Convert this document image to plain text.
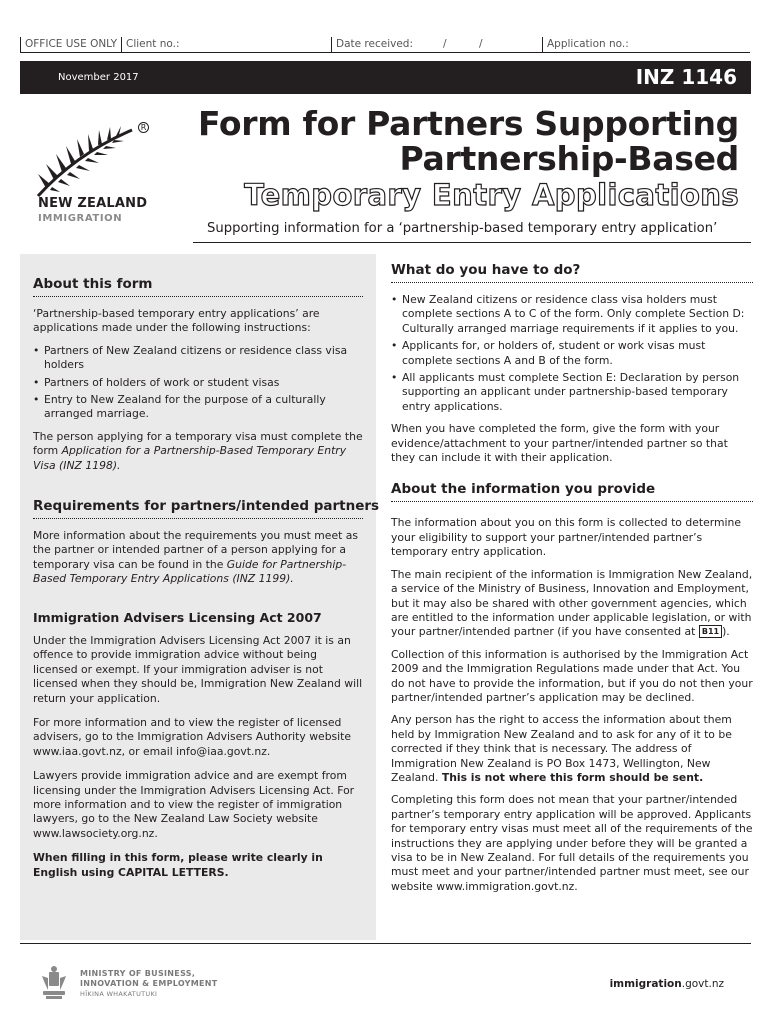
OFFICE USE ONLY Client no.:	Date received:	/	/	Application no.:
November 2017	INZ 1146
R
NEW ZEALAND
IMMIGRATION
Form for Partners Supporting
Partnership-Based
Temporary Entry Applications
Supporting information for a ‘partnership-based temporary entry application’
About this form

‘Partnership-based temporary entry applications’ are applications made under the following instructions:

• Partners of New Zealand citizens or residence class visa holders
• Partners of holders of work or student visas
• Entry to New Zealand for the purpose of a culturally arranged marriage.

The person applying for a temporary visa must complete the form Application for a Partnership-Based Temporary Entry Visa (INZ 1198).

Requirements for partners/intended partners

More information about the requirements you must meet as the partner or intended partner of a person applying for a temporary visa can be found in the Guide for Partnership-Based Temporary Entry Applications (INZ 1199).

Immigration Advisers Licensing Act 2007

Under the Immigration Advisers Licensing Act 2007 it is an offence to provide immigration advice without being licensed or exempt. If your immigration adviser is not licensed when they should be, Immigration New Zealand will return your application.

For more information and to view the register of licensed advisers, go to the Immigration Advisers Authority website www.iaa.govt.nz, or email info@iaa.govt.nz.

Lawyers provide immigration advice and are exempt from licensing under the Immigration Advisers Licensing Act. For more information and to view the register of immigration lawyers, go to the New Zealand Law Society website www.lawsociety.org.nz.

When filling in this form, please write clearly in English using CAPITAL LETTERS.

What do you have to do?
• New Zealand citizens or residence class visa holders must complete sections A to C of the form. Only complete Section D: Culturally arranged marriage requirements if it applies to you.
• Applicants for, or holders of, student or work visas must complete sections A and B of the form.
• All applicants must complete Section E: Declaration by person supporting an applicant under partnership-based temporary entry applications.

When you have completed the form, give the form with your evidence/attachment to your partner/intended partner so that they can include it with their application.

About the information you provide

The information about you on this form is collected to determine your eligibility to support your partner/intended partner’s temporary entry application.

The main recipient of the information is Immigration New Zealand, a service of the Ministry of Business, Innovation and Employment, but it may also be shared with other government agencies, which are entitled to the information under applicable legislation, or with your partner/intended partner (if you have consented at B11 ).

Collection of this information is authorised by the Immigration Act 2009 and the Immigration Regulations made under that Act. You do not have to provide the information, but if you do not then your partner/intended partner’s application may be declined.

Any person has the right to access the information about them held by Immigration New Zealand and to ask for any of it to be corrected if they think that is necessary. The address of Immigration New Zealand is PO Box 1473, Wellington, New Zealand. This is not where this form should be sent.

Completing this form does not mean that your partner/intended partner’s temporary entry application will be approved. Applicants for temporary entry visas must meet all of the requirements of the instructions they are applying under before they will be granted a visa to be in New Zealand. For full details of the requirements you must meet and your partner/intended partner must meet, see our website www.immigration.govt.nz.

MINISTRY OF BUSINESS,
INNOVATION & EMPLOYMENT
HĪKINA WHAKATUTUKI
immigration.govt.nz
